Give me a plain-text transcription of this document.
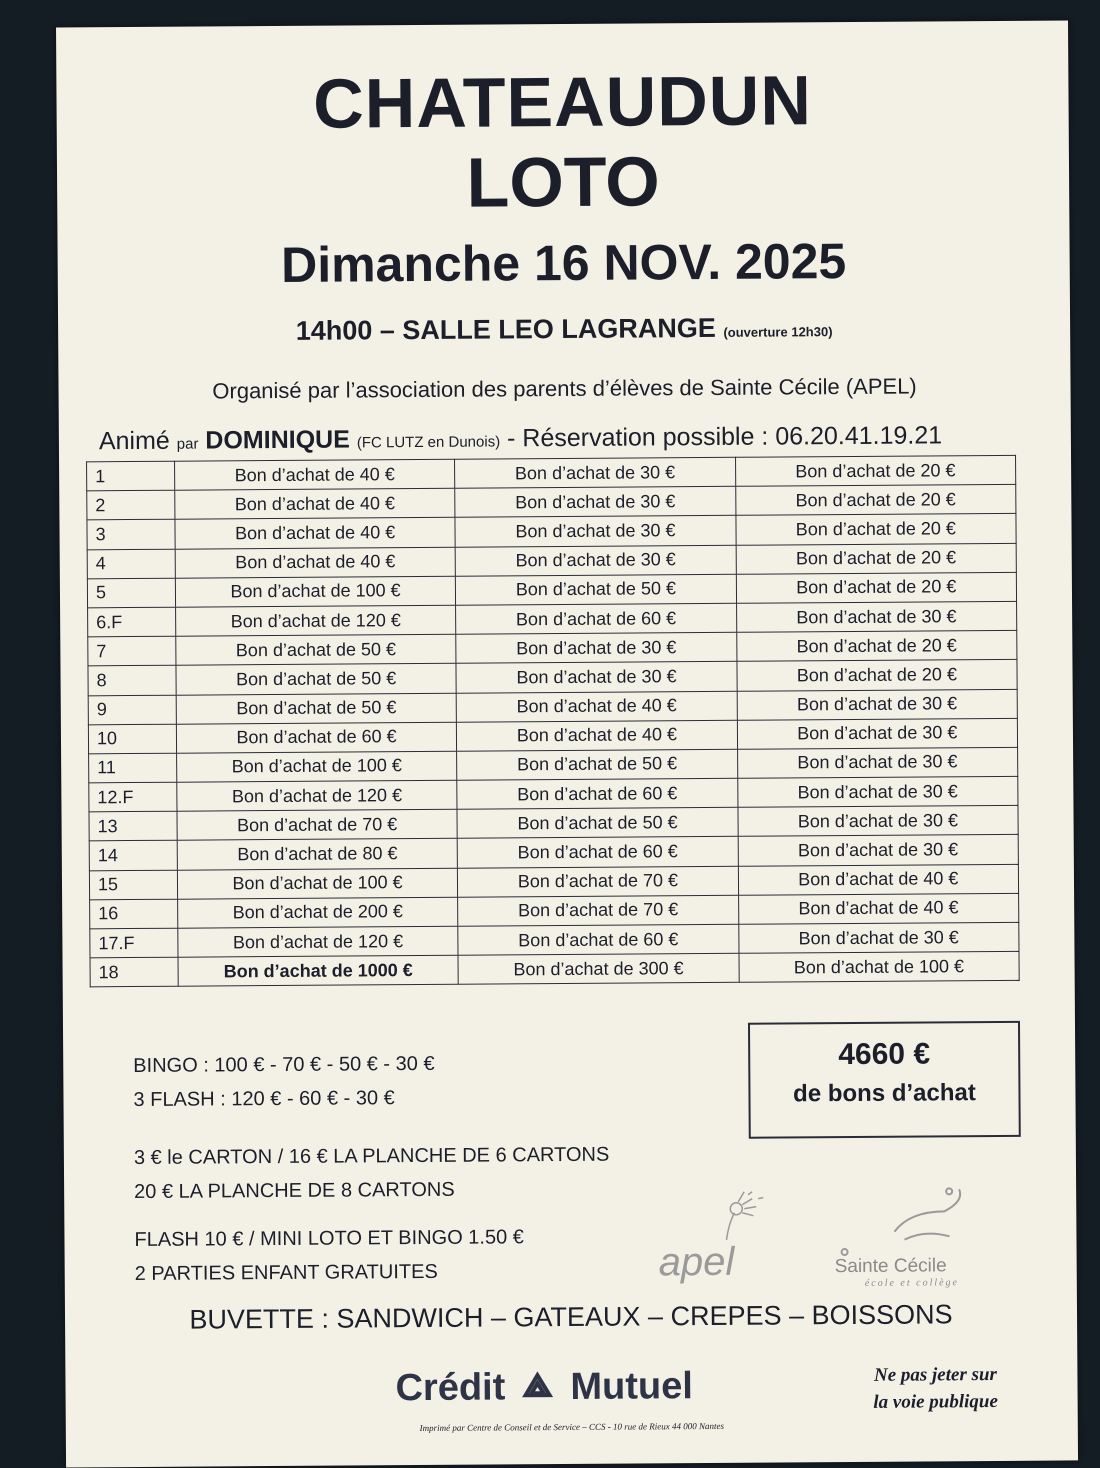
CHATEAUDUN
LOTO
Dimanche 16 NOV. 2025
14h00 – SALLE LEO LAGRANGE (ouverture 12h30)
Organisé par l’association des parents d’élèves de Sainte Cécile (APEL)
Animé par DOMINIQUE (FC LUTZ en Dunois) - Réservation possible : 06.20.41.19.21
1	Bon d’achat de 40 €	Bon d’achat de 30 €	Bon d’achat de 20 €
2	Bon d’achat de 40 €	Bon d’achat de 30 €	Bon d’achat de 20 €
3	Bon d’achat de 40 €	Bon d’achat de 30 €	Bon d’achat de 20 €
4	Bon d’achat de 40 €	Bon d’achat de 30 €	Bon d’achat de 20 €
5	Bon d’achat de 100 €	Bon d’achat de 50 €	Bon d’achat de 20 €
6.F	Bon d’achat de 120 €	Bon d’achat de 60 €	Bon d’achat de 30 €
7	Bon d’achat de 50 €	Bon d’achat de 30 €	Bon d’achat de 20 €
8	Bon d’achat de 50 €	Bon d’achat de 30 €	Bon d’achat de 20 €
9	Bon d’achat de 50 €	Bon d’achat de 40 €	Bon d’achat de 30 €
10	Bon d’achat de 60 €	Bon d’achat de 40 €	Bon d’achat de 30 €
11	Bon d’achat de 100 €	Bon d’achat de 50 €	Bon d’achat de 30 €
12.F	Bon d’achat de 120 €	Bon d’achat de 60 €	Bon d’achat de 30 €
13	Bon d’achat de 70 €	Bon d’achat de 50 €	Bon d’achat de 30 €
14	Bon d’achat de 80 €	Bon d’achat de 60 €	Bon d’achat de 30 €
15	Bon d’achat de 100 €	Bon d’achat de 70 €	Bon d’achat de 40 €
16	Bon d’achat de 200 €	Bon d’achat de 70 €	Bon d’achat de 40 €
17.F	Bon d’achat de 120 €	Bon d’achat de 60 €	Bon d’achat de 30 €
18	Bon d’achat de 1000 €	Bon d’achat de 300 €	Bon d’achat de 100 €
BINGO : 100 € - 70 € - 50 € - 30 €
3 FLASH : 120 € - 60 € - 30 €
3 € le CARTON / 16 € LA PLANCHE DE 6 CARTONS
20 € LA PLANCHE DE 8 CARTONS
FLASH 10 € / MINI LOTO ET BINGO 1.50 €
2 PARTIES ENFANT GRATUITES
4660 €
de bons d’achat
apel	Sainte Cécile
école et collège
BUVETTE : SANDWICH – GATEAUX – CREPES – BOISSONS
Crédit Mutuel	Ne pas jeter sur
la voie publique
Imprimé par Centre de Conseil et de Service – CCS - 10 rue de Rieux 44 000 Nantes
